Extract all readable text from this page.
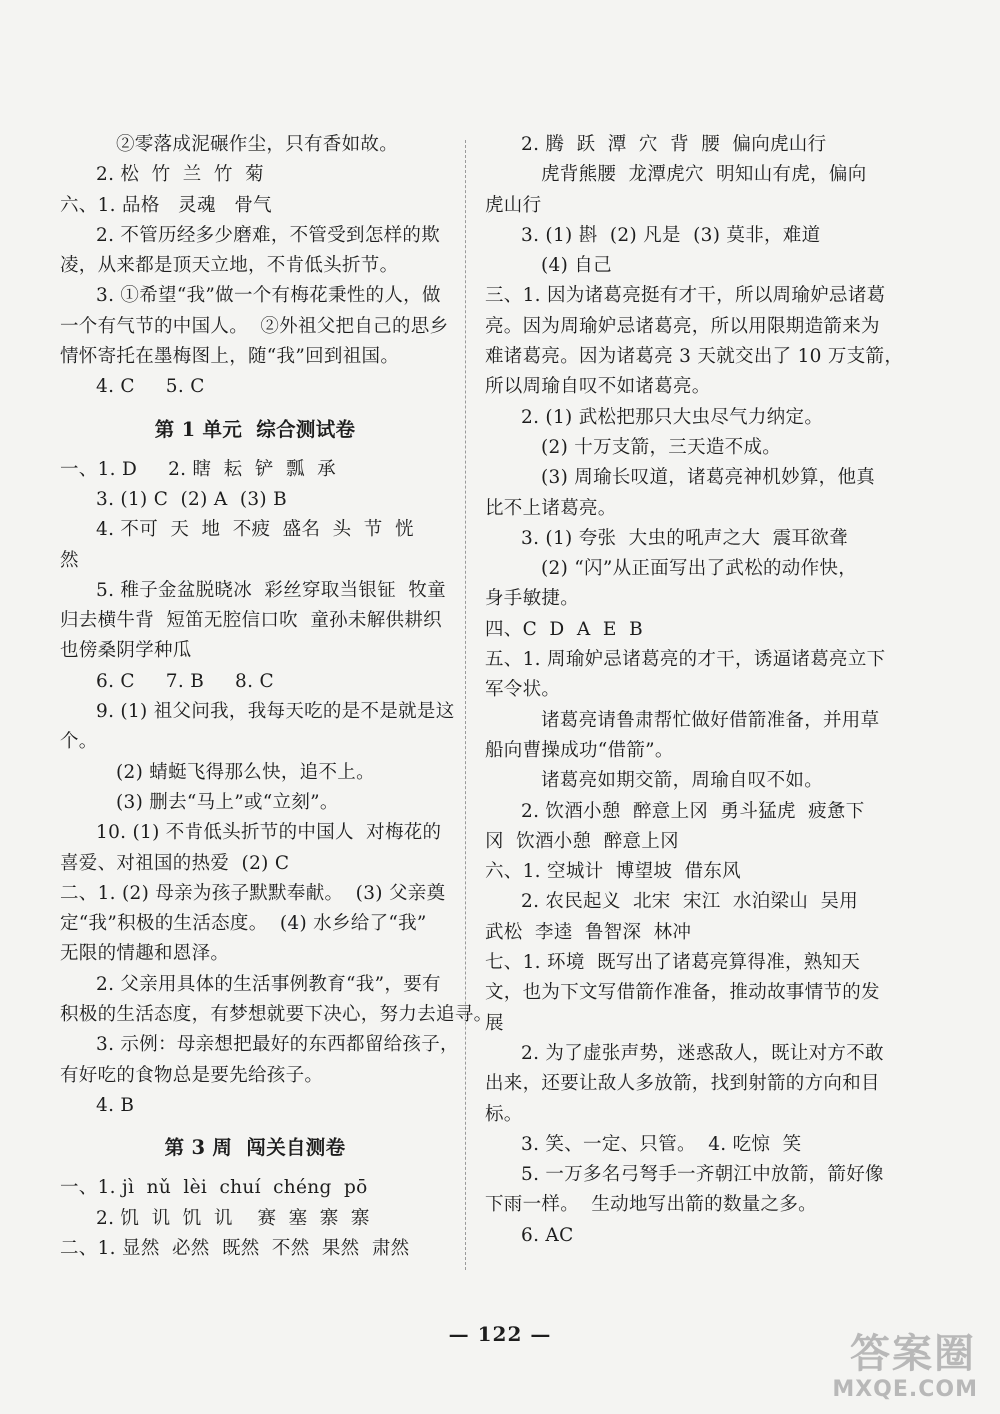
②零落成泥碾作尘，只有香如故。
2. 松  竹  兰  竹  菊
六、1. 品格   灵魂   骨气
2. 不管历经多少磨难，不管受到怎样的欺
凌，从来都是顶天立地，不肯低头折节。
3. ①希望“我”做一个有梅花秉性的人，做
一个有气节的中国人。  ②外祖父把自己的思乡
情怀寄托在墨梅图上，随“我”回到祖国。
4. C     5. C
第 1 单元  综合测试卷
一、1. D     2. 瞎  耘  铲  瓢  承
3. (1) C  (2) A  (3) B
4. 不可  天  地  不疲  盛名  头  节  恍
然
5. 稚子金盆脱晓冰  彩丝穿取当银钲  牧童
归去横牛背  短笛无腔信口吹  童孙未解供耕织
也傍桑阴学种瓜
6. C     7. B     8. C
9. (1) 祖父问我，我每天吃的是不是就是这
个。
(2) 蜻蜓飞得那么快，追不上。
(3) 删去“马上”或“立刻”。
10. (1) 不肯低头折节的中国人  对梅花的
喜爱、对祖国的热爱  (2) C
二、1. (2) 母亲为孩子默默奉献。  (3) 父亲奠
定“我”积极的生活态度。  (4) 水乡给了“我”
无限的情趣和恩泽。
2. 父亲用具体的生活事例教育“我”，要有
积极的生活态度，有梦想就要下决心，努力去追寻。
3. 示例：母亲想把最好的东西都留给孩子，
有好吃的食物总是要先给孩子。
4. B
第 3 周  闯关自测卷
一、1. jì  nǔ  lèi  chuí  chéng  pō
2. 饥  讥  饥  讥    赛  塞  寨  寨
二、1. 显然  必然  既然  不然  果然  肃然
2. 腾  跃  潭  穴  背  腰  偏向虎山行
虎背熊腰  龙潭虎穴  明知山有虎，偏向
虎山行
3. (1) 斟  (2) 凡是  (3) 莫非，难道
(4) 自己
三、1. 因为诸葛亮挺有才干，所以周瑜妒忌诸葛
亮。因为周瑜妒忌诸葛亮，所以用限期造箭来为
难诸葛亮。因为诸葛亮 3 天就交出了 10 万支箭，
所以周瑜自叹不如诸葛亮。
2. (1) 武松把那只大虫尽气力纳定。
(2) 十万支箭，三天造不成。
(3) 周瑜长叹道，诸葛亮神机妙算，他真
比不上诸葛亮。
3. (1) 夸张  大虫的吼声之大  震耳欲聋
(2) “闪”从正面写出了武松的动作快，
身手敏捷。
四、C  D  A  E  B
五、1. 周瑜妒忌诸葛亮的才干，诱逼诸葛亮立下
军令状。
诸葛亮请鲁肃帮忙做好借箭准备，并用草
船向曹操成功“借箭”。
诸葛亮如期交箭，周瑜自叹不如。
2. 饮酒小憩  醉意上冈  勇斗猛虎  疲惫下
冈  饮酒小憩  醉意上冈
六、1. 空城计  博望坡  借东风
2. 农民起义  北宋  宋江  水泊梁山  吴用
武松  李逵  鲁智深  林冲
七、1. 环境  既写出了诸葛亮算得准，熟知天
文，也为下文写借箭作准备，推动故事情节的发
展
2. 为了虚张声势，迷惑敌人，既让对方不敢
出来，还要让敌人多放箭，找到射箭的方向和目
标。
3. 笑、一定、只管。  4. 吃惊  笑
5. 一万多名弓弩手一齐朝江中放箭，箭好像
下雨一样。  生动地写出箭的数量之多。
6. AC
— 122 —	答案圈
MXQE.COM
